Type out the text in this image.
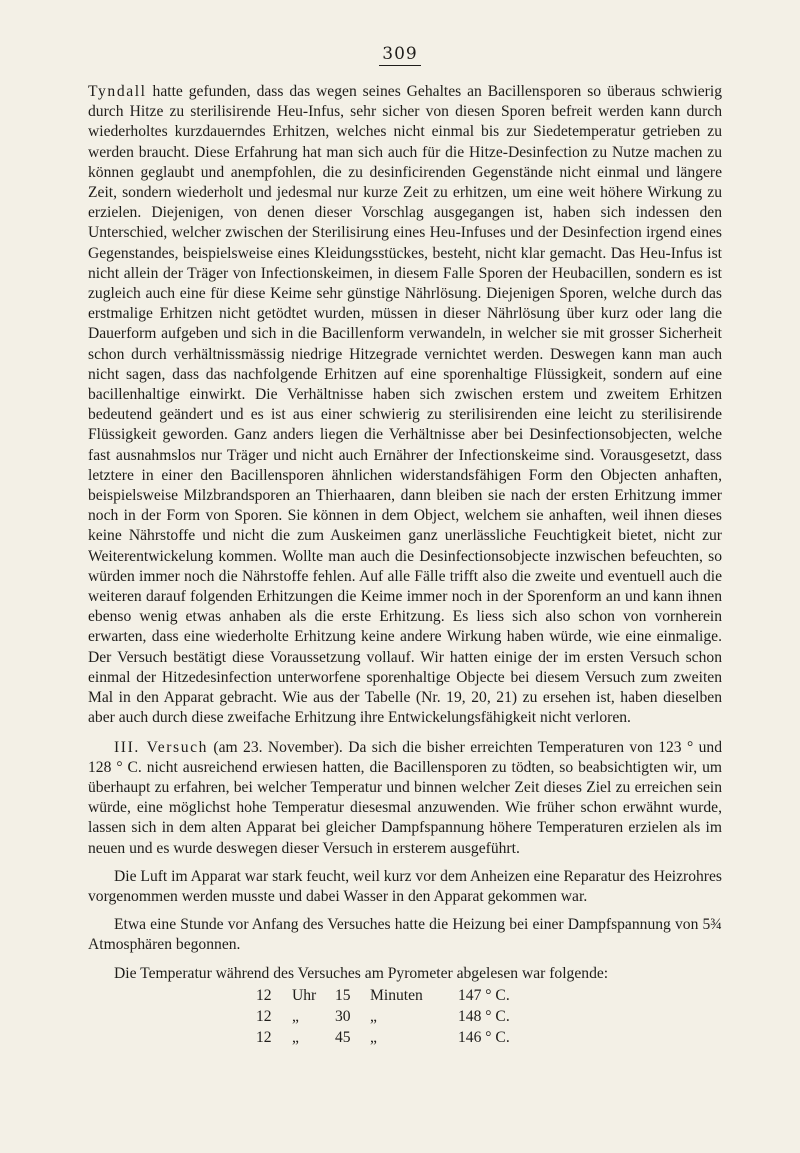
309

Tyndall hatte gefunden, dass das wegen seines Gehaltes an Bacillensporen so überaus schwierig durch Hitze zu sterilisirende Heu-Infus, sehr sicher von diesen Sporen befreit werden kann durch wiederholtes kurzdauerndes Erhitzen, welches nicht einmal bis zur Siedetemperatur getrieben zu werden braucht. Diese Erfahrung hat man sich auch für die Hitze-Desinfection zu Nutze machen zu können geglaubt und anempfohlen, die zu desinficirenden Gegenstände nicht einmal und längere Zeit, sondern wiederholt und jedesmal nur kurze Zeit zu erhitzen, um eine weit höhere Wirkung zu erzielen. Diejenigen, von denen dieser Vorschlag ausgegangen ist, haben sich indessen den Unterschied, welcher zwischen der Sterilisirung eines Heu-Infuses und der Desinfection irgend eines Gegenstandes, beispielsweise eines Kleidungsstückes, besteht, nicht klar gemacht. Das Heu-Infus ist nicht allein der Träger von Infectionskeimen, in diesem Falle Sporen der Heubacillen, sondern es ist zugleich auch eine für diese Keime sehr günstige Nährlösung. Diejenigen Sporen, welche durch das erstmalige Erhitzen nicht getödtet wurden, müssen in dieser Nährlösung über kurz oder lang die Dauerform aufgeben und sich in die Bacillenform verwandeln, in welcher sie mit grosser Sicherheit schon durch verhältnissmässig niedrige Hitzegrade vernichtet werden. Deswegen kann man auch nicht sagen, dass das nachfolgende Erhitzen auf eine sporenhaltige Flüssigkeit, sondern auf eine bacillenhaltige einwirkt. Die Verhältnisse haben sich zwischen erstem und zweitem Erhitzen bedeutend geändert und es ist aus einer schwierig zu sterilisirenden eine leicht zu sterilisirende Flüssigkeit geworden. Ganz anders liegen die Verhältnisse aber bei Desinfectionsobjecten, welche fast ausnahmslos nur Träger und nicht auch Ernährer der Infectionskeime sind. Vorausgesetzt, dass letztere in einer den Bacillensporen ähnlichen widerstandsfähigen Form den Objecten anhaften, beispielsweise Milzbrandsporen an Thierhaaren, dann bleiben sie nach der ersten Erhitzung immer noch in der Form von Sporen. Sie können in dem Object, welchem sie anhaften, weil ihnen dieses keine Nährstoffe und nicht die zum Auskeimen ganz unerlässliche Feuchtigkeit bietet, nicht zur Weiterentwickelung kommen. Wollte man auch die Desinfectionsobjecte inzwischen befeuchten, so würden immer noch die Nährstoffe fehlen. Auf alle Fälle trifft also die zweite und eventuell auch die weiteren darauf folgenden Erhitzungen die Keime immer noch in der Sporenform an und kann ihnen ebenso wenig etwas anhaben als die erste Erhitzung. Es liess sich also schon von vornherein erwarten, dass eine wiederholte Erhitzung keine andere Wirkung haben würde, wie eine einmalige. Der Versuch bestätigt diese Voraussetzung vollauf. Wir hatten einige der im ersten Versuch schon einmal der Hitzedesinfection unterworfene sporenhaltige Objecte bei diesem Versuch zum zweiten Mal in den Apparat gebracht. Wie aus der Tabelle (Nr. 19, 20, 21) zu ersehen ist, haben dieselben aber auch durch diese zweifache Erhitzung ihre Entwickelungsfähigkeit nicht verloren.

III. Versuch (am 23. November). Da sich die bisher erreichten Temperaturen von 123 ° und 128 ° C. nicht ausreichend erwiesen hatten, die Bacillensporen zu tödten, so beabsichtigten wir, um überhaupt zu erfahren, bei welcher Temperatur und binnen welcher Zeit dieses Ziel zu erreichen sein würde, eine möglichst hohe Temperatur diesesmal anzuwenden. Wie früher schon erwähnt wurde, lassen sich in dem alten Apparat bei gleicher Dampfspannung höhere Temperaturen erzielen als im neuen und es wurde deswegen dieser Versuch in ersterem ausgeführt.

Die Luft im Apparat war stark feucht, weil kurz vor dem Anheizen eine Reparatur des Heizrohres vorgenommen werden musste und dabei Wasser in den Apparat gekommen war.

Etwa eine Stunde vor Anfang des Versuches hatte die Heizung bei einer Dampfspannung von 5¾ Atmosphären begonnen.

Die Temperatur während des Versuches am Pyrometer abgelesen war folgende:

12	Uhr	15	Minuten	147 ° C.
12	„	30	„	148 ° C.
12	„	45	„	146 ° C.
